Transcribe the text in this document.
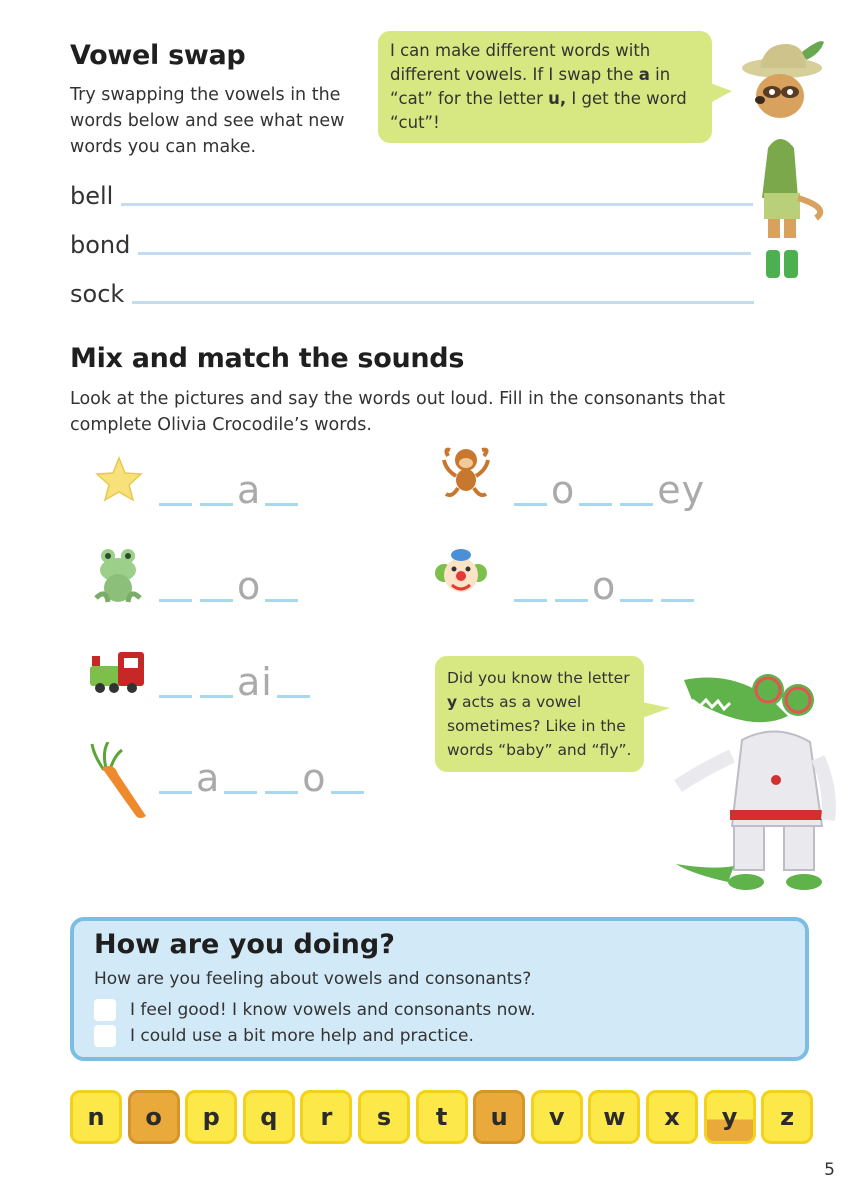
Vowel swap
Try swapping the vowels in the words below and see what new words you can make.
I can make different words with different vowels. If I swap the a in “cat” for the letter u, I get the word “cut”!
bell
bond
sock
Mix and match the sounds
Look at the pictures and say the words out loud. Fill in the consonants that complete Olivia Crocodile’s words.
a	o ey
o	o
ai
a o
Did you know the letter y acts as a vowel sometimes? Like in the words “baby” and “fly”.
How are you doing?
How are you feeling about vowels and consonants?
I feel good! I know vowels and consonants now.
I could use a bit more help and practice.
n	o	p	q	r	s	t	u	v	w	x	y	z
5
